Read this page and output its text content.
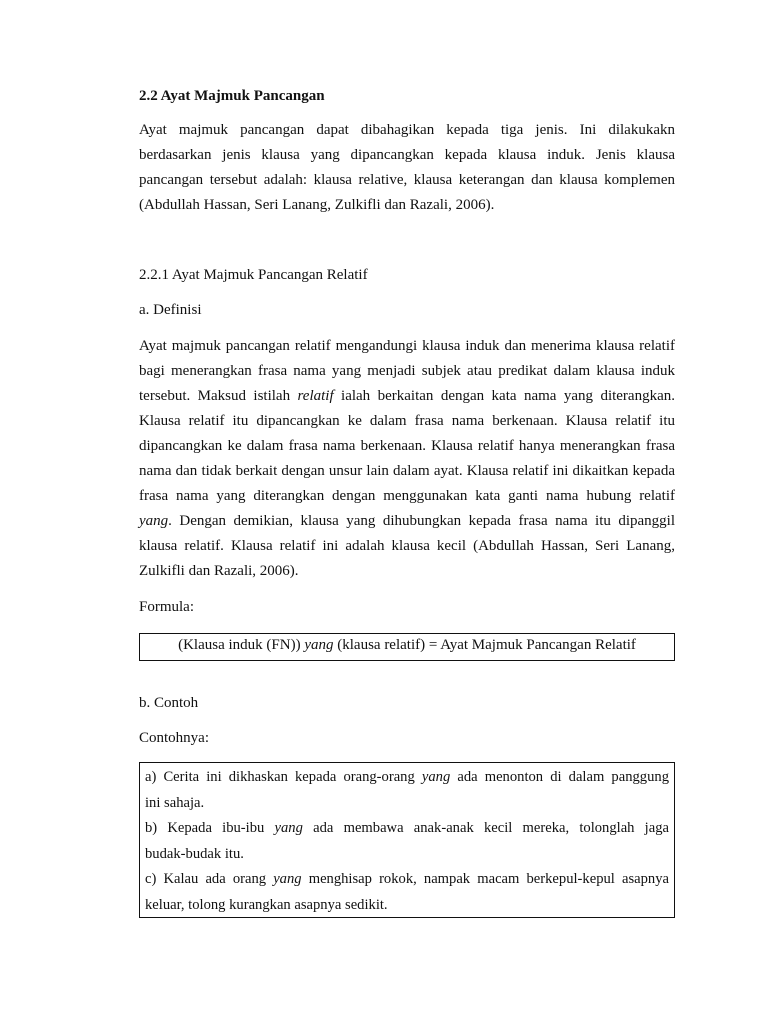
2.2 Ayat Majmuk Pancangan
Ayat majmuk pancangan dapat dibahagikan kepada tiga jenis. Ini dilakukakn
berdasarkan jenis klausa yang dipancangkan kepada klausa induk. Jenis klausa
pancangan tersebut adalah: klausa relative, klausa keterangan dan klausa komplemen
(Abdullah Hassan, Seri Lanang, Zulkifli dan Razali, 2006).
2.2.1 Ayat Majmuk Pancangan Relatif
a. Definisi
Ayat majmuk pancangan relatif mengandungi klausa induk dan menerima klausa relatif
bagi menerangkan frasa nama yang menjadi subjek atau predikat dalam klausa induk
tersebut. Maksud istilah relatif ialah berkaitan dengan kata nama yang diterangkan.
Klausa relatif itu dipancangkan ke dalam frasa nama berkenaan. Klausa relatif itu
dipancangkan ke dalam frasa nama berkenaan. Klausa relatif hanya menerangkan frasa
nama dan tidak berkait dengan unsur lain dalam ayat. Klausa relatif ini dikaitkan kepada
frasa nama yang diterangkan dengan menggunakan kata ganti nama hubung relatif
yang. Dengan demikian, klausa yang dihubungkan kepada frasa nama itu dipanggil
klausa relatif. Klausa relatif ini adalah klausa kecil (Abdullah Hassan, Seri Lanang,
Zulkifli dan Razali, 2006).
Formula:
(Klausa induk (FN)) yang (klausa relatif) = Ayat Majmuk Pancangan Relatif
b. Contoh
Contohnya:
a) Cerita ini dikhaskan kepada orang-orang yang ada menonton di dalam panggung
ini sahaja.
b) Kepada ibu-ibu yang ada membawa anak-anak kecil mereka, tolonglah jaga
budak-budak itu.
c) Kalau ada orang yang menghisap rokok, nampak macam berkepul-kepul asapnya
keluar, tolong kurangkan asapnya sedikit.
